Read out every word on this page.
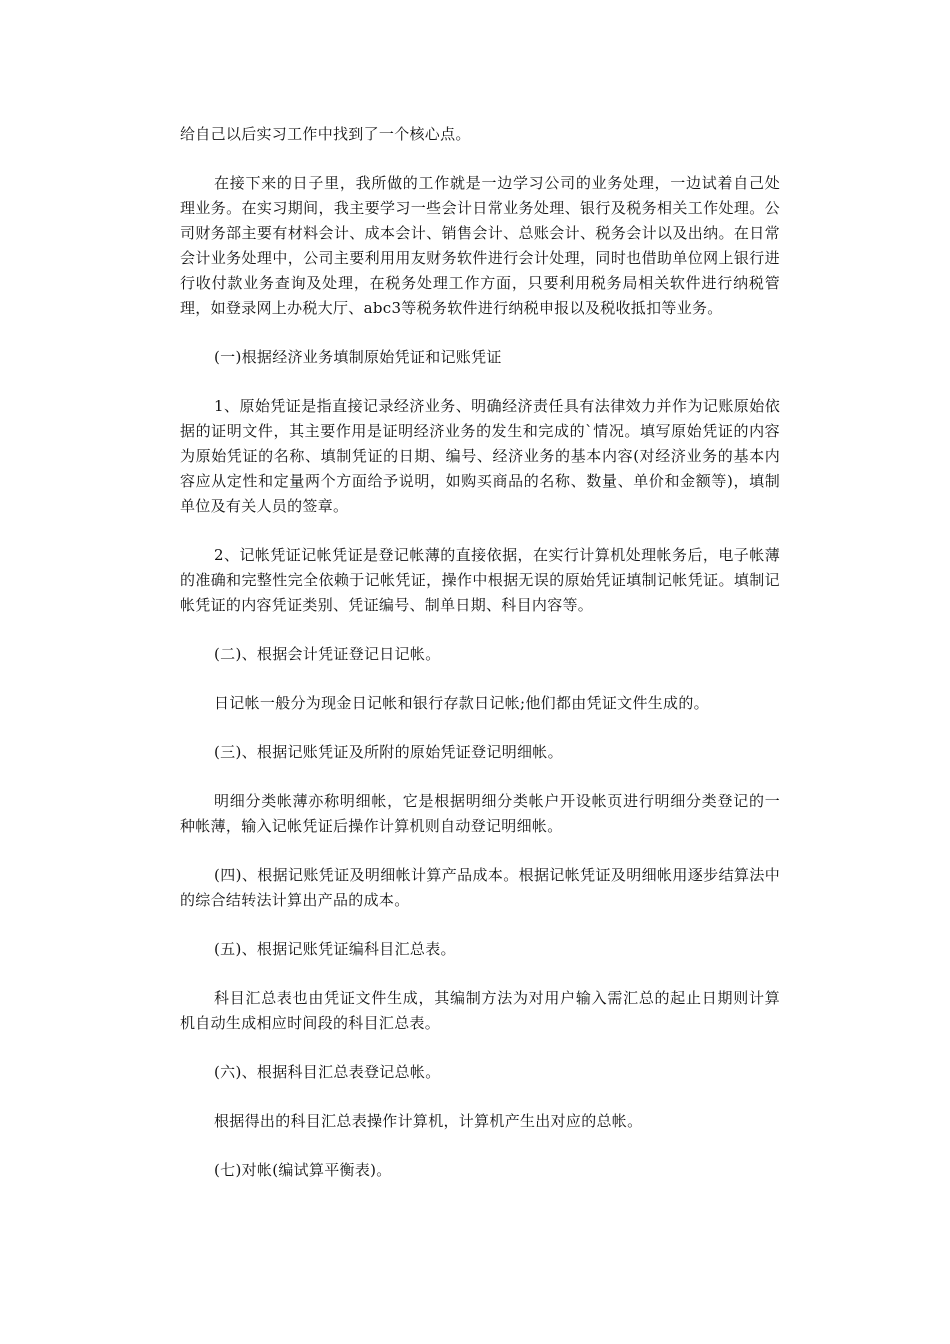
给自己以后实习工作中找到了一个核心点。

在接下来的日子里，我所做的工作就是一边学习公司的业务处理，一边试着自己处理业务。在实习期间，我主要学习一些会计日常业务处理、银行及税务相关工作处理。公司财务部主要有材料会计、成本会计、销售会计、总账会计、税务会计以及出纳。在日常会计业务处理中，公司主要利用用友财务软件进行会计处理，同时也借助单位网上银行进行收付款业务查询及处理，在税务处理工作方面，只要利用税务局相关软件进行纳税管理，如登录网上办税大厅、abc3等税务软件进行纳税申报以及税收抵扣等业务。

(一)根据经济业务填制原始凭证和记账凭证

1、原始凭证是指直接记录经济业务、明确经济责任具有法律效力并作为记账原始依据的证明文件，其主要作用是证明经济业务的发生和完成的`情况。填写原始凭证的内容为原始凭证的名称、填制凭证的日期、编号、经济业务的基本内容(对经济业务的基本内容应从定性和定量两个方面给予说明，如购买商品的名称、数量、单价和金额等)，填制单位及有关人员的签章。

2、记帐凭证记帐凭证是登记帐薄的直接依据，在实行计算机处理帐务后，电子帐薄的准确和完整性完全依赖于记帐凭证，操作中根据无误的原始凭证填制记帐凭证。填制记帐凭证的内容凭证类别、凭证编号、制单日期、科目内容等。

(二)、根据会计凭证登记日记帐。

日记帐一般分为现金日记帐和银行存款日记帐;他们都由凭证文件生成的。

(三)、根据记账凭证及所附的原始凭证登记明细帐。

明细分类帐薄亦称明细帐，它是根据明细分类帐户开设帐页进行明细分类登记的一种帐薄，输入记帐凭证后操作计算机则自动登记明细帐。

(四)、根据记账凭证及明细帐计算产品成本。根据记帐凭证及明细帐用逐步结算法中的综合结转法计算出产品的成本。

(五)、根据记账凭证编科目汇总表。

科目汇总表也由凭证文件生成，其编制方法为对用户输入需汇总的起止日期则计算机自动生成相应时间段的科目汇总表。

(六)、根据科目汇总表登记总帐。

根据得出的科目汇总表操作计算机，计算机产生出对应的总帐。

(七)对帐(编试算平衡表)。
